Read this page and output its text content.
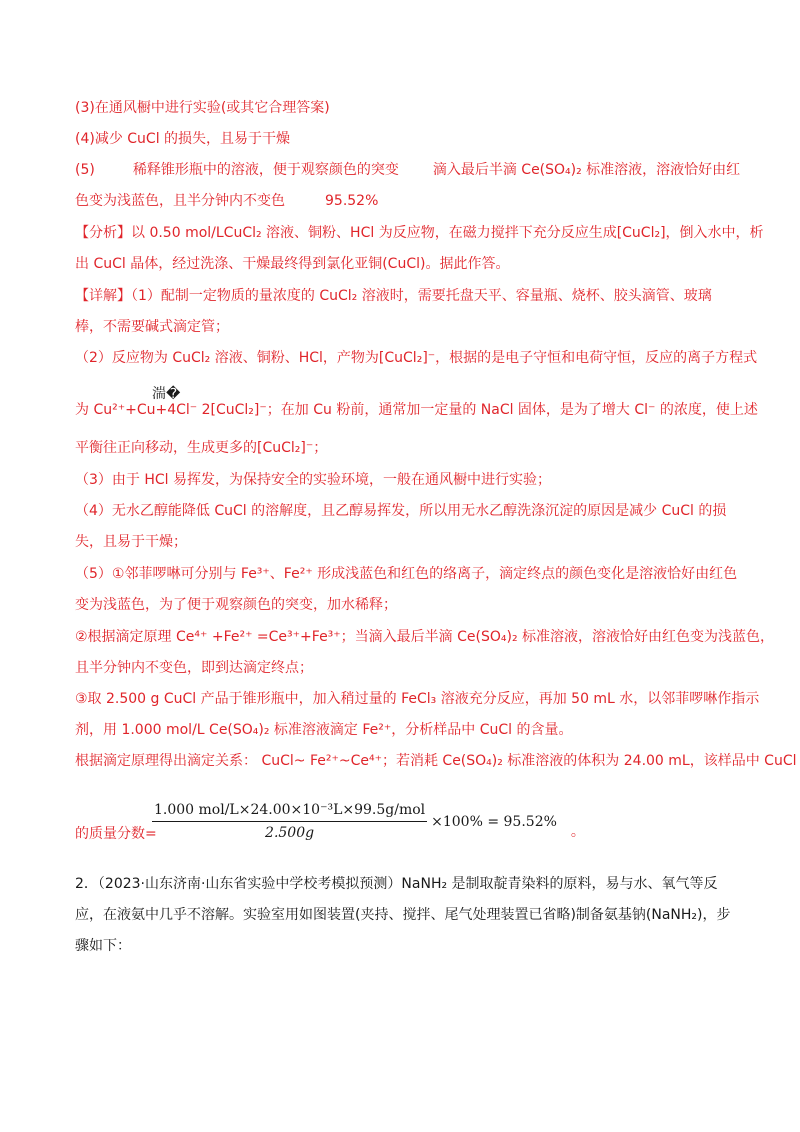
(3)在通风橱中进行实验(或其它合理答案)

(4)减少 CuCl 的损失，且易于干燥

(5)	稀释锥形瓶中的溶液，便于观察颜色的突变 滴入最后半滴 Ce(SO₄)₂ 标准溶液，溶液恰好由红

色变为浅蓝色，且半分钟内不变色	95.52%

【分析】以 0.50 mol/LCuCl₂ 溶液、铜粉、HCl 为反应物，在磁力搅拌下充分反应生成[CuCl₂]，倒入水中，析

出 CuCl 晶体，经过洗涤、干燥最终得到氯化亚铜(CuCl)。据此作答。

【详解】（1）配制一定物质的量浓度的 CuCl₂ 溶液时，需要托盘天平、容量瓶、烧杯、胶头滴管、玻璃

棒，不需要碱式滴定管；

（2）反应物为 CuCl₂ 溶液、铜粉、HCl，产物为[CuCl₂]⁻，根据的是电子守恒和电荷守恒，反应的离子方程式

湍�

为 Cu²⁺+Cu+4Cl⁻ 2[CuCl₂]⁻；在加 Cu 粉前，通常加一定量的 NaCl 固体，是为了增大 Cl⁻ 的浓度，使上述

平衡往正向移动，生成更多的[CuCl₂]⁻；

（3）由于 HCl 易挥发，为保持安全的实验环境，一般在通风橱中进行实验；

（4）无水乙醇能降低 CuCl 的溶解度，且乙醇易挥发，所以用无水乙醇洗涤沉淀的原因是减少 CuCl 的损

失，且易于干燥；

（5）①邻菲啰啉可分别与 Fe³⁺、Fe²⁺ 形成浅蓝色和红色的络离子，滴定终点的颜色变化是溶液恰好由红色

变为浅蓝色，为了便于观察颜色的突变，加水稀释；

②根据滴定原理 Ce⁴⁺ +Fe²⁺ =Ce³⁺+Fe³⁺；当滴入最后半滴 Ce(SO₄)₂ 标准溶液，溶液恰好由红色变为浅蓝色，

且半分钟内不变色，即到达滴定终点；

③取 2.500 g CuCl 产品于锥形瓶中，加入稍过量的 FeCl₃ 溶液充分反应，再加 50 mL 水，以邻菲啰啉作指示

剂，用 1.000 mol/L Ce(SO₄)₂ 标准溶液滴定 Fe²⁺，分析样品中 CuCl 的含量。

根据滴定原理得出滴定关系： CuCl~ Fe²⁺~Ce⁴⁺；若消耗 Ce(SO₄)₂ 标准溶液的体积为 24.00 mL，该样品中 CuCl

的质量分数=

$\frac{\text{1.000 mol/L×24.00×10⁻³L×99.5g/mol}}{2.500g} \times 100\% = 95.52\%$
。

2．（2023·山东济南·山东省实验中学校考模拟预测）NaNH₂ 是制取靛青染料的原料，易与水、氧气等反

应，在液氨中几乎不溶解。实验室用如图装置(夹持、搅拌、尾气处理装置已省略)制备氨基钠(NaNH₂)，步

骤如下：
